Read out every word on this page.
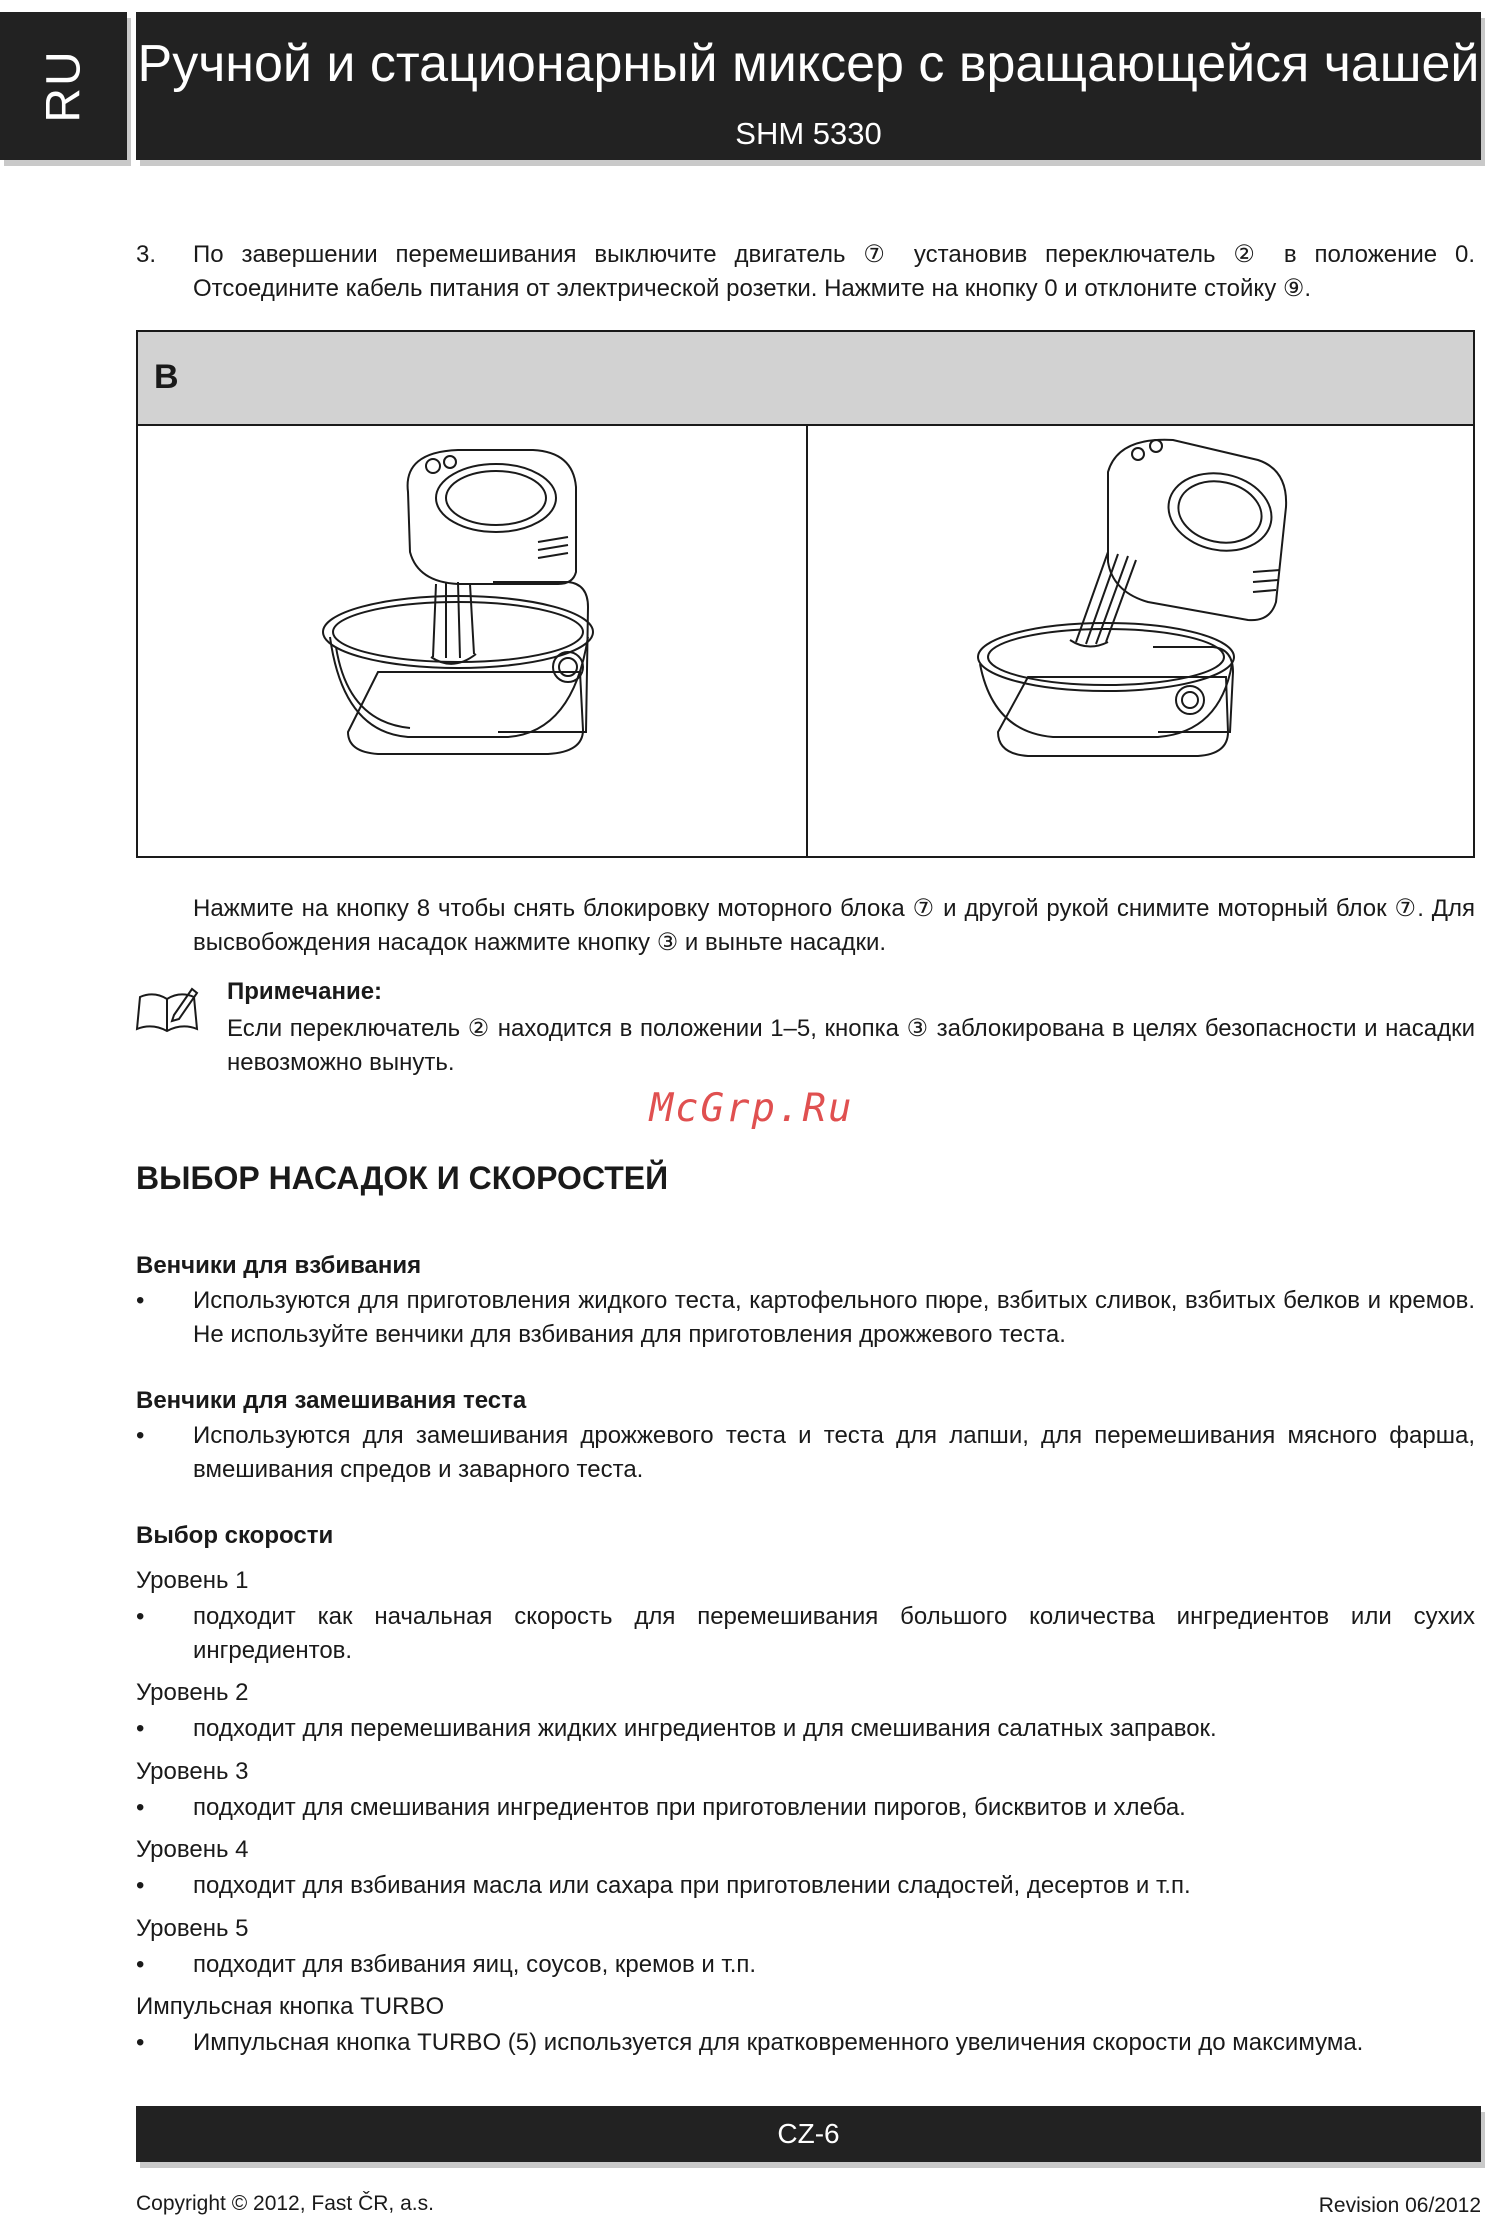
RU Ручной и стационарный миксер с вращающейся чашей
SHM 5330
3. По завершении перемешивания выключите двигатель ⑦ установив переключатель ② в положение 0. Отсоедините кабель питания от электрической розетки. Нажмите на кнопку 0 и отклоните стойку ⑨.
B
Нажмите на кнопку 8 чтобы снять блокировку моторного блока ⑦ и другой рукой снимите моторный блок ⑦. Для высвобождения насадок нажмите кнопку ③ и выньте насадки.
Примечание:
Если переключатель ② находится в положении 1–5, кнопка ③ заблокирована в целях безопасности и насадки невозможно вынуть.
McGrp.Ru
ВЫБОР НАСАДОК И СКОРОСТЕЙ
Венчики для взбивания
• Используются для приготовления жидкого теста, картофельного пюре, взбитых сливок, взбитых белков и кремов. Не используйте венчики для взбивания для приготовления дрожжевого теста.
Венчики для замешивания теста
• Используются для замешивания дрожжевого теста и теста для лапши, для перемешивания мясного фарша, вмешивания спредов и заварного теста.
Выбор скорости
Уровень 1
• подходит как начальная скорость для перемешивания большого количества ингредиентов или сухих ингредиентов.
Уровень 2
• подходит для перемешивания жидких ингредиентов и для смешивания салатных заправок.
Уровень 3
• подходит для смешивания ингредиентов при приготовлении пирогов, бисквитов и хлеба.
Уровень 4
• подходит для взбивания масла или сахара при приготовлении сладостей, десертов и т.п.
Уровень 5
• подходит для взбивания яиц, соусов, кремов и т.п.
Импульсная кнопка TURBO
• Импульсная кнопка TURBO (5) используется для кратковременного увеличения скорости до максимума.
CZ-6
Copyright © 2012, Fast ČR, a.s.	Revision 06/2012
